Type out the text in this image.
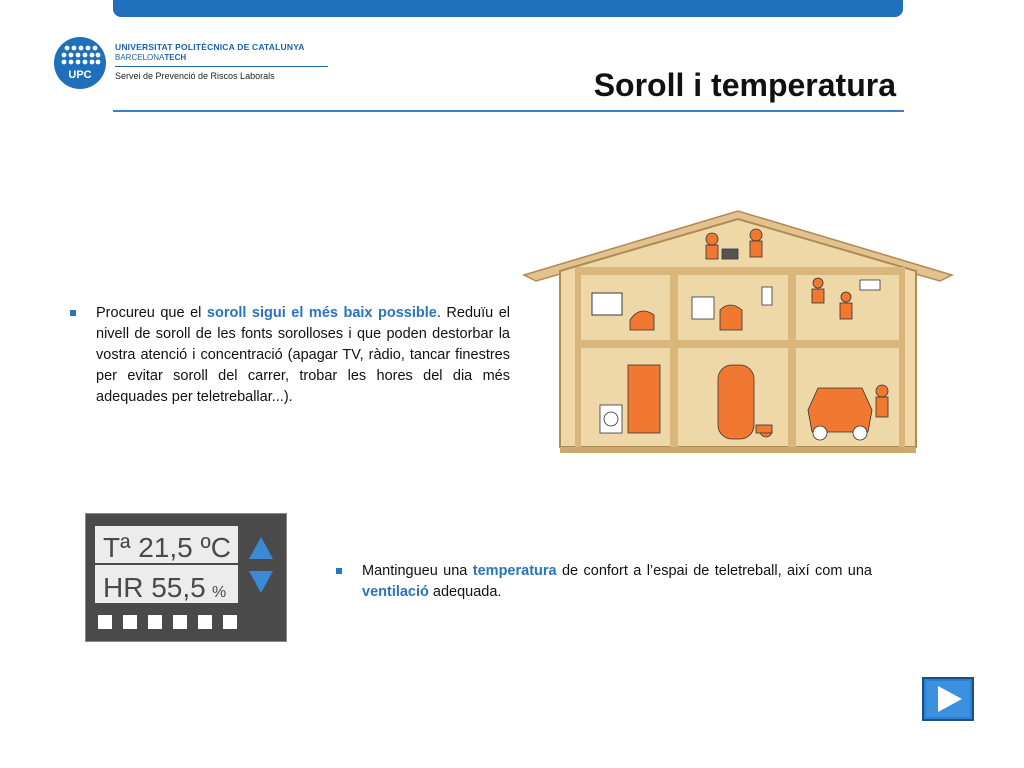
UPC
UNIVERSITAT POLITÈCNICA DE CATALUNYA
BARCELONATECH
Servei de Prevenció de Riscos Laborals	Soroll i temperatura
Procureu que el soroll sigui el més baix possible. Reduïu el nivell de soroll de les fonts sorolloses i que poden destorbar la vostra atenció i concentració (apagar TV, ràdio, tancar finestres per evitar soroll del carrer, trobar les hores del dia més adequades per teletreballar...).
Tª 21,5 ºC
HR 55,5 %
Mantingueu una temperatura de confort a l’espai de teletreball, així com una ventilació adequada.
